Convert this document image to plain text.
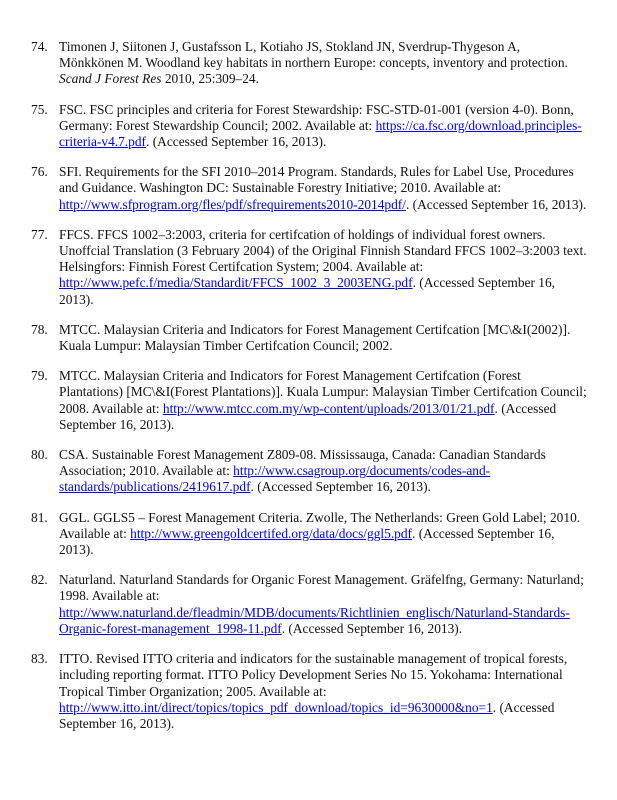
74. Timonen J, Siitonen J, Gustafsson L, Kotiaho JS, Stokland JN, Sverdrup-Thygeson A, Mönkkönen M. Woodland key habitats in northern Europe: concepts, inventory and protection. Scand J Forest Res 2010, 25:309–24.
75. FSC. FSC principles and criteria for Forest Stewardship: FSC-STD-01-001 (version 4-0). Bonn, Germany: Forest Stewardship Council; 2002. Available at: https://ca.fsc.org/download.principles-criteria-v4.7.pdf. (Accessed September 16, 2013).
76. SFI. Requirements for the SFI 2010–2014 Program. Standards, Rules for Label Use, Procedures and Guidance. Washington DC: Sustainable Forestry Initiative; 2010. Available at: http://www.sfprogram.org/fles/pdf/sfrequirements2010-2014pdf/. (Accessed September 16, 2013).
77. FFCS. FFCS 1002–3:2003, criteria for certifcation of holdings of individual forest owners. Unoffcial Translation (3 February 2004) of the Original Finnish Standard FFCS 1002–3:2003 text. Helsingfors: Finnish Forest Certifcation System; 2004. Available at: http://www.pefc.f/media/Standardit/FFCS_1002_3_2003ENG.pdf. (Accessed September 16, 2013).
78. MTCC. Malaysian Criteria and Indicators for Forest Management Certifcation [MC\&I(2002)]. Kuala Lumpur: Malaysian Timber Certifcation Council; 2002.
79. MTCC. Malaysian Criteria and Indicators for Forest Management Certifcation (Forest Plantations) [MC\&I(Forest Plantations)]. Kuala Lumpur: Malaysian Timber Certifcation Council; 2008. Available at: http://www.mtcc.com.my/wp-content/uploads/2013/01/21.pdf. (Accessed September 16, 2013).
80. CSA. Sustainable Forest Management Z809-08. Mississauga, Canada: Canadian Standards Association; 2010. Available at: http://www.csagroup.org/documents/codes-and-standards/publications/2419617.pdf. (Accessed September 16, 2013).
81. GGL. GGLS5 – Forest Management Criteria. Zwolle, The Netherlands: Green Gold Label; 2010. Available at: http://www.greengoldcertifed.org/data/docs/ggl5.pdf. (Accessed September 16, 2013).
82. Naturland. Naturland Standards for Organic Forest Management. Gräfelfng, Germany: Naturland; 1998. Available at: http://www.naturland.de/fleadmin/MDB/documents/Richtlinien_englisch/Naturland-Standards-Organic-forest-management_1998-11.pdf. (Accessed September 16, 2013).
83. ITTO. Revised ITTO criteria and indicators for the sustainable management of tropical forests, including reporting format. ITTO Policy Development Series No 15. Yokohama: International Tropical Timber Organization; 2005. Available at: http://www.itto.int/direct/topics/topics_pdf_download/topics_id=9630000&no=1. (Accessed September 16, 2013).
